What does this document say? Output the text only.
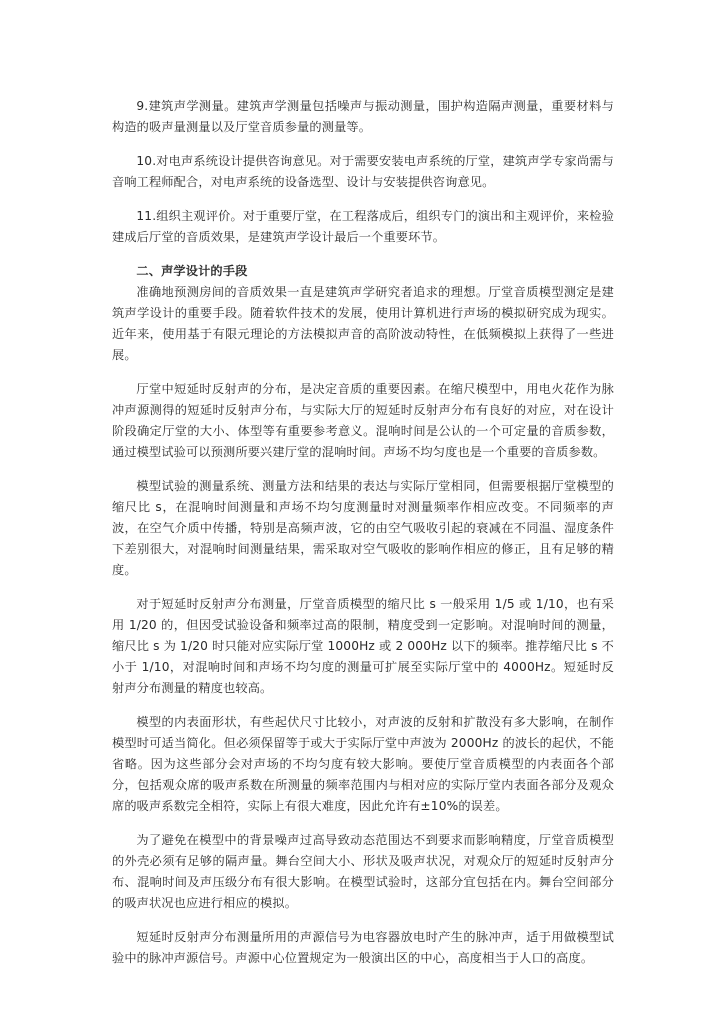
9.建筑声学测量。建筑声学测量包括噪声与振动测量，围护构造隔声测量，重要材料与构造的吸声量测量以及厅堂音质参量的测量等。

10.对电声系统设计提供咨询意见。对于需要安装电声系统的厅堂，建筑声学专家尚需与音响工程师配合，对电声系统的设备选型、设计与安装提供咨询意见。

11.组织主观评价。对于重要厅堂，在工程落成后，组织专门的演出和主观评价，来检验建成后厅堂的音质效果，是建筑声学设计最后一个重要环节。

二、声学设计的手段

准确地预测房间的音质效果一直是建筑声学研究者追求的理想。厅堂音质模型测定是建筑声学设计的重要手段。随着软件技术的发展，使用计算机进行声场的模拟研究成为现实。近年来，使用基于有限元理论的方法模拟声音的高阶波动特性，在低频模拟上获得了一些进展。

厅堂中短延时反射声的分布，是决定音质的重要因素。在缩尺模型中，用电火花作为脉冲声源测得的短延时反射声分布，与实际大厅的短延时反射声分布有良好的对应，对在设计阶段确定厅堂的大小、体型等有重要参考意义。混响时间是公认的一个可定量的音质参数，通过模型试验可以预测所要兴建厅堂的混响时间。声场不均匀度也是一个重要的音质参数。

模型试验的测量系统、测量方法和结果的表达与实际厅堂相同，但需要根据厅堂模型的缩尺比 s，在混响时间测量和声场不均匀度测量时对测量频率作相应改变。不同频率的声波，在空气介质中传播，特别是高频声波，它的由空气吸收引起的衰减在不同温、湿度条件下差别很大，对混响时间测量结果，需采取对空气吸收的影响作相应的修正，且有足够的精度。

对于短延时反射声分布测量，厅堂音质模型的缩尺比 s 一般采用 1/5 或 1/10，也有采用 1/20 的，但因受试验设备和频率过高的限制，精度受到一定影响。对混响时间的测量，缩尺比 s 为 1/20 时只能对应实际厅堂 1000Hz 或 2 000Hz 以下的频率。推荐缩尺比 s 不小于 1/10，对混响时间和声场不均匀度的测量可扩展至实际厅堂中的 4000Hz。短延时反射声分布测量的精度也较高。

模型的内表面形状，有些起伏尺寸比较小，对声波的反射和扩散没有多大影响，在制作模型时可适当简化。但必须保留等于或大于实际厅堂中声波为 2000Hz 的波长的起伏，不能省略。因为这些部分会对声场的不均匀度有较大影响。要使厅堂音质模型的内表面各个部分，包括观众席的吸声系数在所测量的频率范围内与相对应的实际厅堂内表面各部分及观众席的吸声系数完全相符，实际上有很大难度，因此允许有±10%的误差。

为了避免在模型中的背景噪声过高导致动态范围达不到要求而影响精度，厅堂音质模型的外壳必须有足够的隔声量。舞台空间大小、形状及吸声状况，对观众厅的短延时反射声分布、混响时间及声压级分布有很大影响。在模型试验时，这部分宜包括在内。舞台空间部分的吸声状况也应进行相应的模拟。

短延时反射声分布测量所用的声源信号为电容器放电时产生的脉冲声，适于用做模型试验中的脉冲声源信号。声源中心位置规定为一般演出区的中心，高度相当于人口的高度。
